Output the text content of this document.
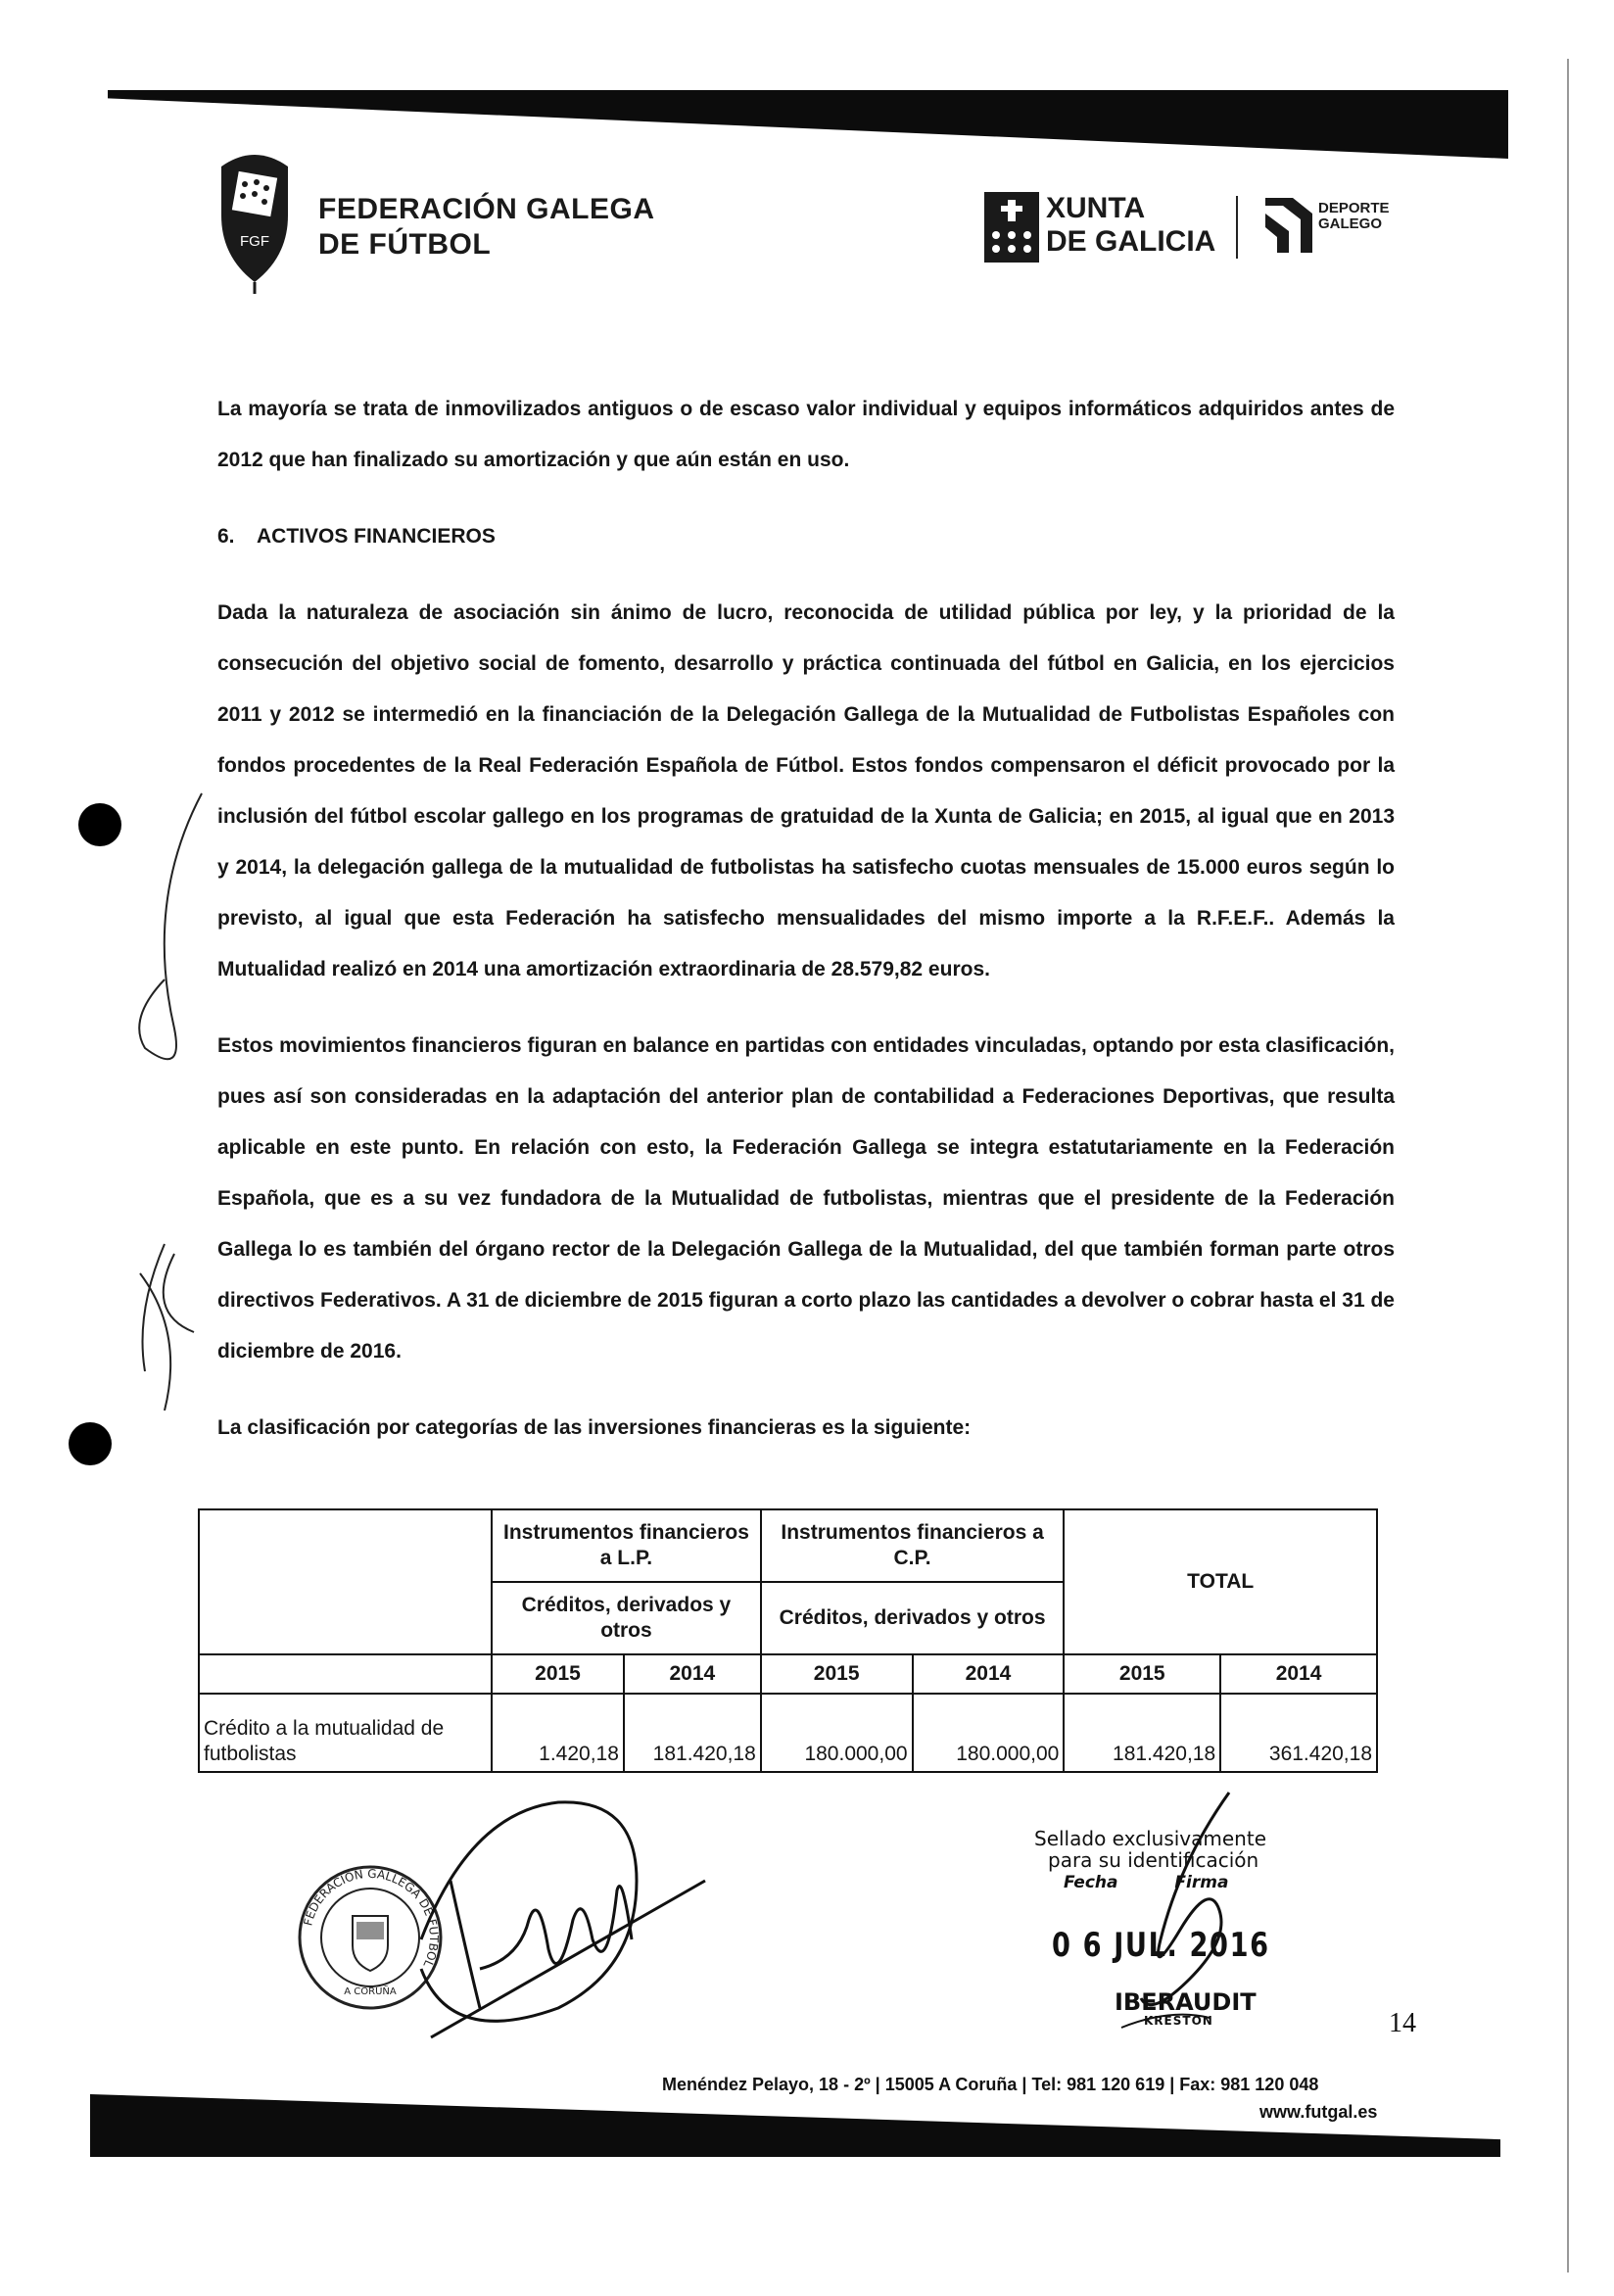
FGF
FEDERACIÓN GALEGA
DE FÚTBOL
XUNTA
DE GALICIA
DEPORTE
GALEGO

La mayoría se trata de inmovilizados antiguos o de escaso valor individual y equipos informáticos adquiridos antes de 2012 que han finalizado su amortización y que aún están en uso.

6. ACTIVOS FINANCIEROS

Dada la naturaleza de asociación sin ánimo de lucro, reconocida de utilidad pública por ley, y la prioridad de la consecución del objetivo social de fomento, desarrollo y práctica continuada del fútbol en Galicia, en los ejercicios 2011 y 2012 se intermedió en la financiación de la Delegación Gallega de la Mutualidad de Futbolistas Españoles con fondos procedentes de la Real Federación Española de Fútbol. Estos fondos compensaron el déficit provocado por la inclusión del fútbol escolar gallego en los programas de gratuidad de la Xunta de Galicia; en 2015, al igual que en 2013 y 2014, la delegación gallega de la mutualidad de futbolistas ha satisfecho cuotas mensuales de 15.000 euros según lo previsto, al igual que esta Federación ha satisfecho mensualidades del mismo importe a la R.F.E.F.. Además la Mutualidad realizó en 2014 una amortización extraordinaria de 28.579,82 euros.

Estos movimientos financieros figuran en balance en partidas con entidades vinculadas, optando por esta clasificación, pues así son consideradas en la adaptación del anterior plan de contabilidad a Federaciones Deportivas, que resulta aplicable en este punto. En relación con esto, la Federación Gallega se integra estatutariamente en la Federación Española, que es a su vez fundadora de la Mutualidad de futbolistas, mientras que el presidente de la Federación Gallega lo es también del órgano rector de la Delegación Gallega de la Mutualidad, del que también forman parte otros directivos Federativos. A 31 de diciembre de 2015 figuran a corto plazo las cantidades a devolver o cobrar hasta el 31 de diciembre de 2016.

La clasificación por categorías de las inversiones financieras es la siguiente:

	Instrumentos financieros a L.P.		Instrumentos financieros a C.P.		TOTAL	
	Créditos, derivados y otros		Créditos, derivados y otros			
	2015	2014	2015	2014	2015	2014
Crédito a la mutualidad de futbolistas	1.420,18	181.420,18	180.000,00	180.000,00	181.420,18	361.420,18
FEDERACIÓN GALLEGA DE FÚTBOL
A CORUÑA
Sellado exclusivamente
para su identificación
Fecha	Firma
0 6 JUL. 2016
IBERAUDIT
KRESTON	14
Menéndez Pelayo, 18 - 2º | 15005 A Coruña | Tel: 981 120 619 | Fax: 981 120 048
www.futgal.es
